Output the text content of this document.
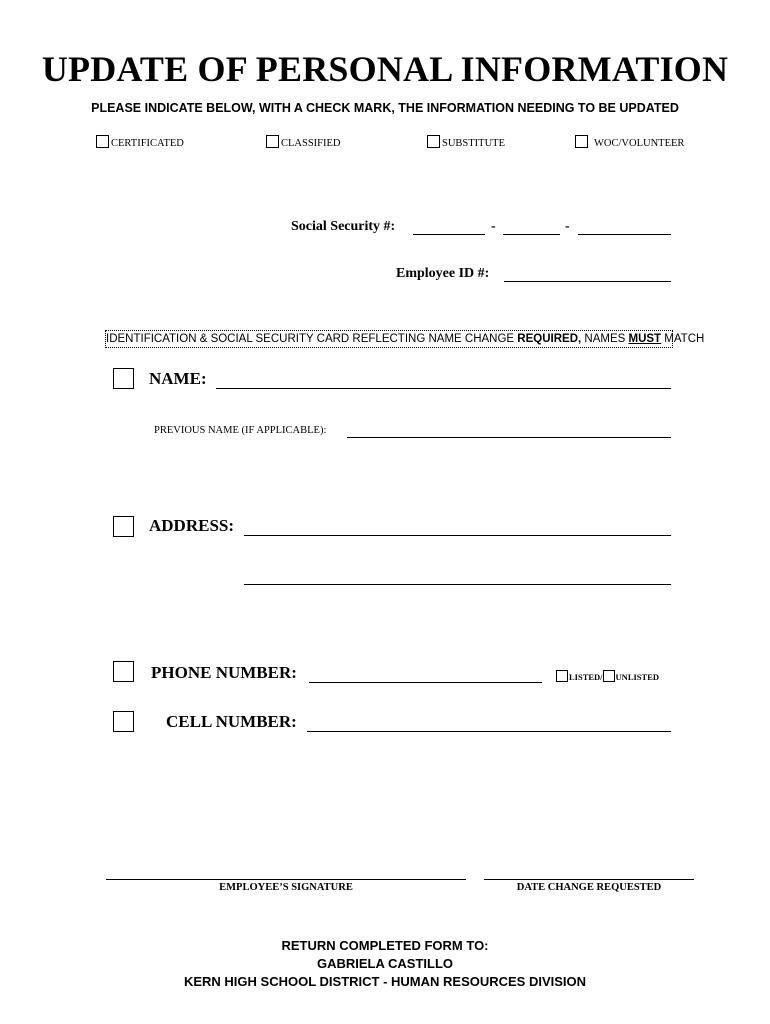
UPDATE OF PERSONAL INFORMATION
PLEASE INDICATE BELOW, WITH A CHECK MARK, THE INFORMATION NEEDING TO BE UPDATED
CERTIFICATED	CLASSIFIED	SUBSTITUTE	WOC/VOLUNTEER
Social Security #:	-	-
Employee ID #:
IDENTIFICATION & SOCIAL SECURITY CARD REFLECTING NAME CHANGE REQUIRED, NAMES MUST MATCH
NAME:
PREVIOUS NAME (IF APPLICABLE):
ADDRESS:
PHONE NUMBER:	LISTED/ UNLISTED
CELL NUMBER:
EMPLOYEE’S SIGNATURE	DATE CHANGE REQUESTED
RETURN COMPLETED FORM TO:
GABRIELA CASTILLO
KERN HIGH SCHOOL DISTRICT - HUMAN RESOURCES DIVISION
